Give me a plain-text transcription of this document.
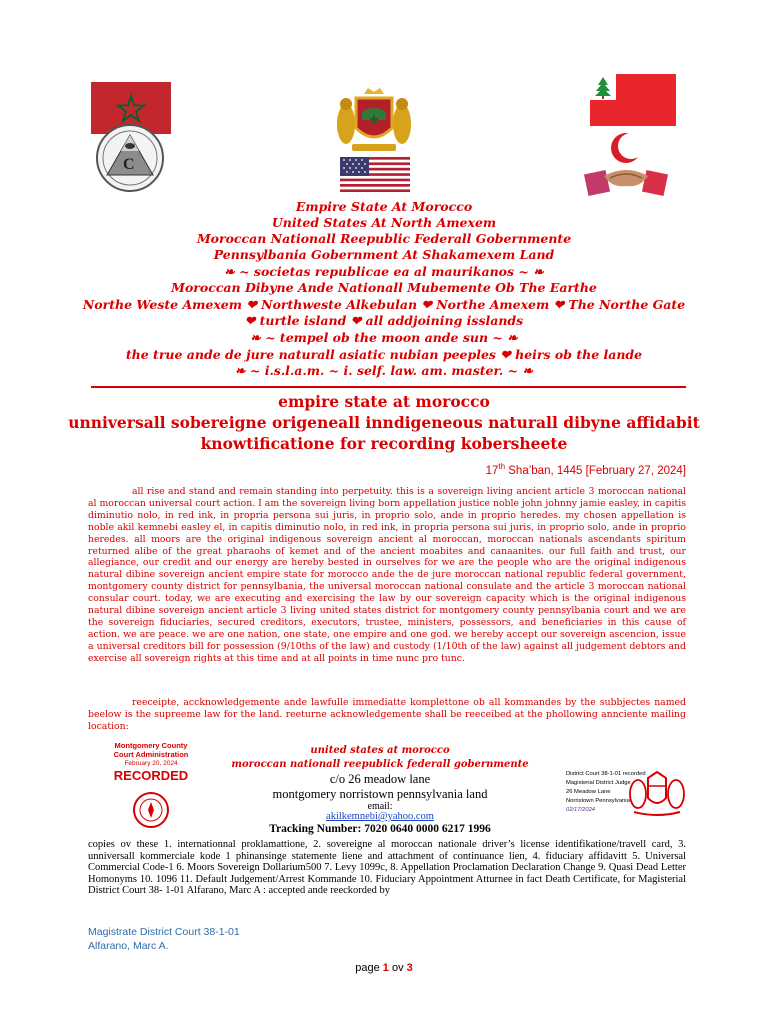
C
Empire State At Morocco
United States At North Amexem
Moroccan Nationall Reepublic Federall Gobernmente
Pennsylbania Gobernment At Shakamexem Land
❧ ~ societas republicae ea al maurikanos ~ ❧
Moroccan Dibyne Ande Nationall Mubemente Ob The Earthe
Northe Weste Amexem ❤ Northweste Alkebulan ❤ Northe Amexem ❤ The Northe Gate
❤ turtle island ❤ all addjoining isslands
❧ ~ tempel ob the moon ande sun ~ ❧
the true ande de jure naturall asiatic nubian peeples ❤ heirs ob the lande
❧ ~ i.s.l.a.m. ~ i. self. law. am. master. ~ ❧
empire state at morocco
unniversall sobereigne origeneall inndigeneous naturall dibyne affidabit
knowtificatione for recording kobersheete
17th Sha’ban, 1445 [February 27, 2024]
all rise and stand and remain standing into perpetuity. this is a sovereign living ancient article 3 moroccan national al moroccan universal court action. I am the sovereign living born appellation justice noble john johnny jamie easley, in capitis diminutio nolo, in red ink, in propria persona sui juris, in proprio solo, ande in proprio heredes. my chosen appellation is noble akil kemnebi easley el, in capitis diminutio nolo, in red ink, in propria persona sui juris, in proprio solo, ande in proprio heredes. all moors are the original indigenous sovereign ancient al moroccan, moroccan nationals ascendants spiritum returned alibe of the great pharaohs of kemet and of the ancient moabites and canaanites. our full faith and trust, our allegiance, our credit and our energy are hereby bested in ourselves for we are the people who are the original indigenous natural dibine sovereign ancient empire state for morocco ande the de jure moroccan national republic federal government, montgomery county district for pennsylbania, the universal moroccan national consulate and the article 3 moroccan national consular court. today, we are executing and exercising the law by our sovereign capacity which is the original indigenous natural dibine sovereign ancient article 3 living united states district for montgomery county pennsylbania court and we are the sovereign fiduciaries, secured creditors, executors, trustee, ministers, possessors, and beneficiaries in this cause of action. we are peace. we are one nation, one state, one empire and one god. we hereby accept our sovereign ascencion, issue a universal creditors bill for possession (9/10ths of the law) and custody (1/10th of the law) against all judgement debtors and exercise all sovereign rights at this time and at all points in time nunc pro tunc.
reeceipte, accknowledgemente ande lawfulle immediatte komplettone ob all kommandes by the subbjectes named beelow is the supreeme law for the land. reeturne acknowledgemente shall be reeceibed at the phollowing annciente mailing location:
Montgomery County
Court Administration
February 20, 2024
RECORDED
united states at morocco
moroccan nationall reepublick federall gobernmente
c/o 26 meadow lane
montgomery norristown pennsylvania land
email:
akilkemnebi@yahoo.com
Tracking Number: 7020 0640 0000 6217 1996
District Court 38-1-01 recorded
Magisterial District Judge
26 Meadow Lane
Norristown Pennsylvania
02/17/2024
copies ov these 1. internationnal proklamattione, 2. sovereigne al moroccan nationale driver’s license identifikatione/travell card, 3. unniversall kommerciale kode 1 phinansinge statemente liene and attachment of continuance lien, 4. fiduciary affidavitt 5. Universal Commercial Code-1 6. Moors Sovereign Dollarium500 7. Levy 1099c, 8. Appellation Proclamation Declaration Change 9. Quasi Dead Letter Homonyms 10. 1096 11. Default Judgement/Arrest Kommande 10. Fiduciary Appointment Atturnee in fact Death Certificate, for Magisterial District Court 38- 1-01 Alfarano, Marc A : accepted ande reeckorded by
Magistrate District Court 38-1-01
Alfarano, Marc A.
page 1 ov 3
